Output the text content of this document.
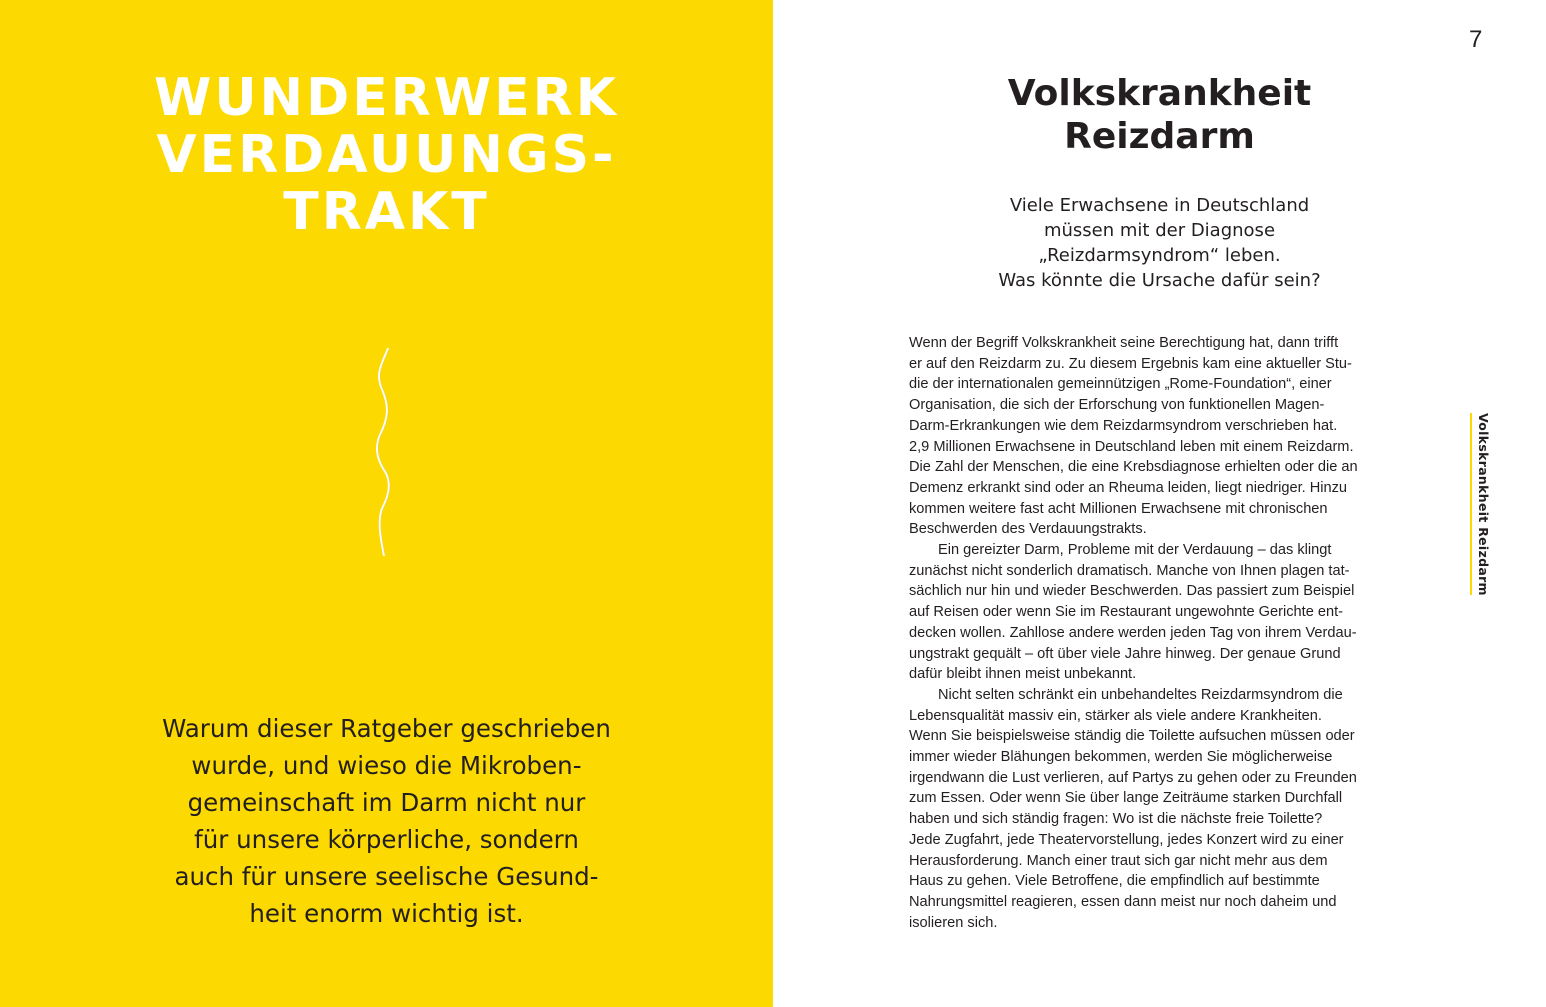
WUNDERWERK
VERDAUUNGS-
TRAKT
Warum dieser Ratgeber geschrieben
wurde, und wieso die Mikroben-
gemeinschaft im Darm nicht nur
für unsere körperliche, sondern
auch für unsere seelische Gesund-
heit enorm wichtig ist.
7
Volkskrankheit
Reizdarm
Viele Erwachsene in Deutschland
müssen mit der Diagnose
„Reizdarmsyndrom“ leben.
Was könnte die Ursache dafür sein?
Wenn der Begriff Volkskrankheit seine Berechtigung hat, dann trifft
er auf den Reizdarm zu. Zu diesem Ergebnis kam eine aktueller Stu-
die der internationalen gemeinnützigen „Rome-Foundation“, einer
Organisation, die sich der Erforschung von funktionellen Magen-
Darm-Erkrankungen wie dem Reizdarmsyndrom verschrieben hat.
2,9 Millionen Erwachsene in Deutschland leben mit einem Reizdarm.
Die Zahl der Menschen, die eine Krebsdiagnose erhielten oder die an
Demenz erkrankt sind oder an Rheuma leiden, liegt niedriger. Hinzu
kommen weitere fast acht Millionen Erwachsene mit chronischen
Beschwerden des Verdauungstrakts.
Ein gereizter Darm, Probleme mit der Verdauung – das klingt
zunächst nicht sonderlich dramatisch. Manche von Ihnen plagen tat-
sächlich nur hin und wieder Beschwerden. Das passiert zum Beispiel
auf Reisen oder wenn Sie im Restaurant ungewohnte Gerichte ent-
decken wollen. Zahllose andere werden jeden Tag von ihrem Verdau-
ungstrakt gequält – oft über viele Jahre hinweg. Der genaue Grund
dafür bleibt ihnen meist unbekannt.
Nicht selten schränkt ein unbehandeltes Reizdarmsyndrom die
Lebensqualität massiv ein, stärker als viele andere Krankheiten.
Wenn Sie beispielsweise ständig die Toilette aufsuchen müssen oder
immer wieder Blähungen bekommen, werden Sie möglicherweise
irgendwann die Lust verlieren, auf Partys zu gehen oder zu Freunden
zum Essen. Oder wenn Sie über lange Zeiträume starken Durchfall
haben und sich ständig fragen: Wo ist die nächste freie Toilette?
Jede Zugfahrt, jede Theatervorstellung, jedes Konzert wird zu einer
Herausforderung. Manch einer traut sich gar nicht mehr aus dem
Haus zu gehen. Viele Betroffene, die empfindlich auf bestimmte
Nahrungsmittel reagieren, essen dann meist nur noch daheim und
isolieren sich.
Volkskrankheit Reizdarm
